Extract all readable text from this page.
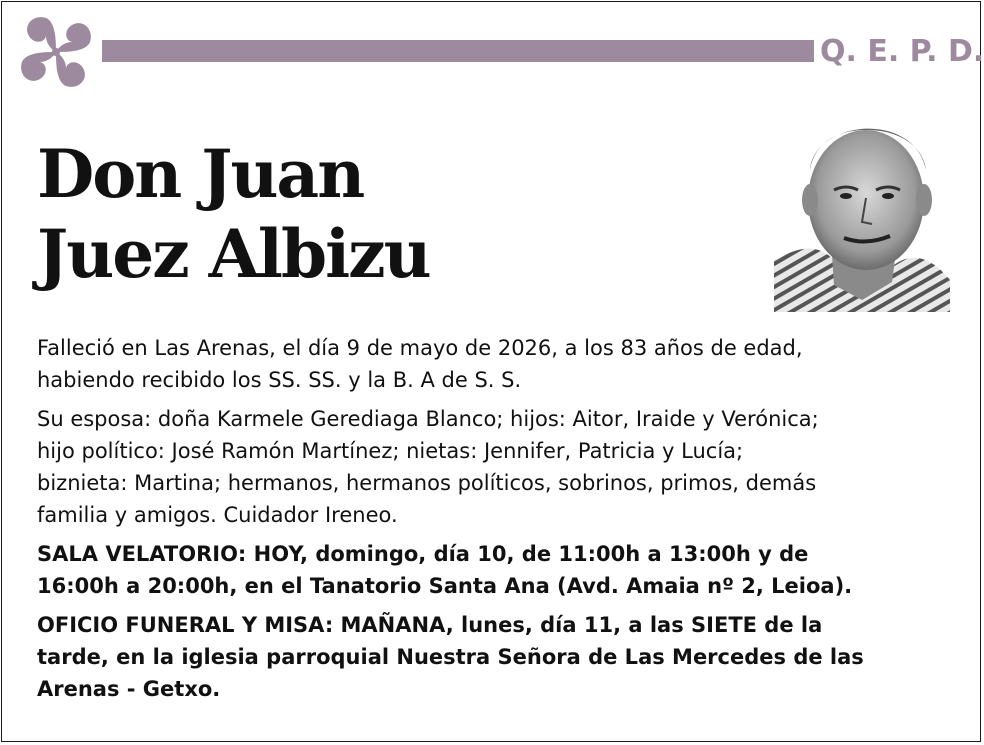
Q. E. P. D.
Don Juan
Juez Albizu

Falleció en Las Arenas, el día 9 de mayo de 2026, a los 83 años de edad,
habiendo recibido los SS. SS. y la B. A de S. S.

Su esposa: doña Karmele Gerediaga Blanco; hijos: Aitor, Iraide y Verónica;
hijo político: José Ramón Martínez; nietas: Jennifer, Patricia y Lucía;
biznieta: Martina; hermanos, hermanos políticos, sobrinos, primos, demás
familia y amigos. Cuidador Ireneo.

SALA VELATORIO: HOY, domingo, día 10, de 11:00h a 13:00h y de
16:00h a 20:00h, en el Tanatorio Santa Ana (Avd. Amaia nº 2, Leioa).

OFICIO FUNERAL Y MISA: MAÑANA, lunes, día 11, a las SIETE de la
tarde, en la iglesia parroquial Nuestra Señora de Las Mercedes de las
Arenas - Getxo.
